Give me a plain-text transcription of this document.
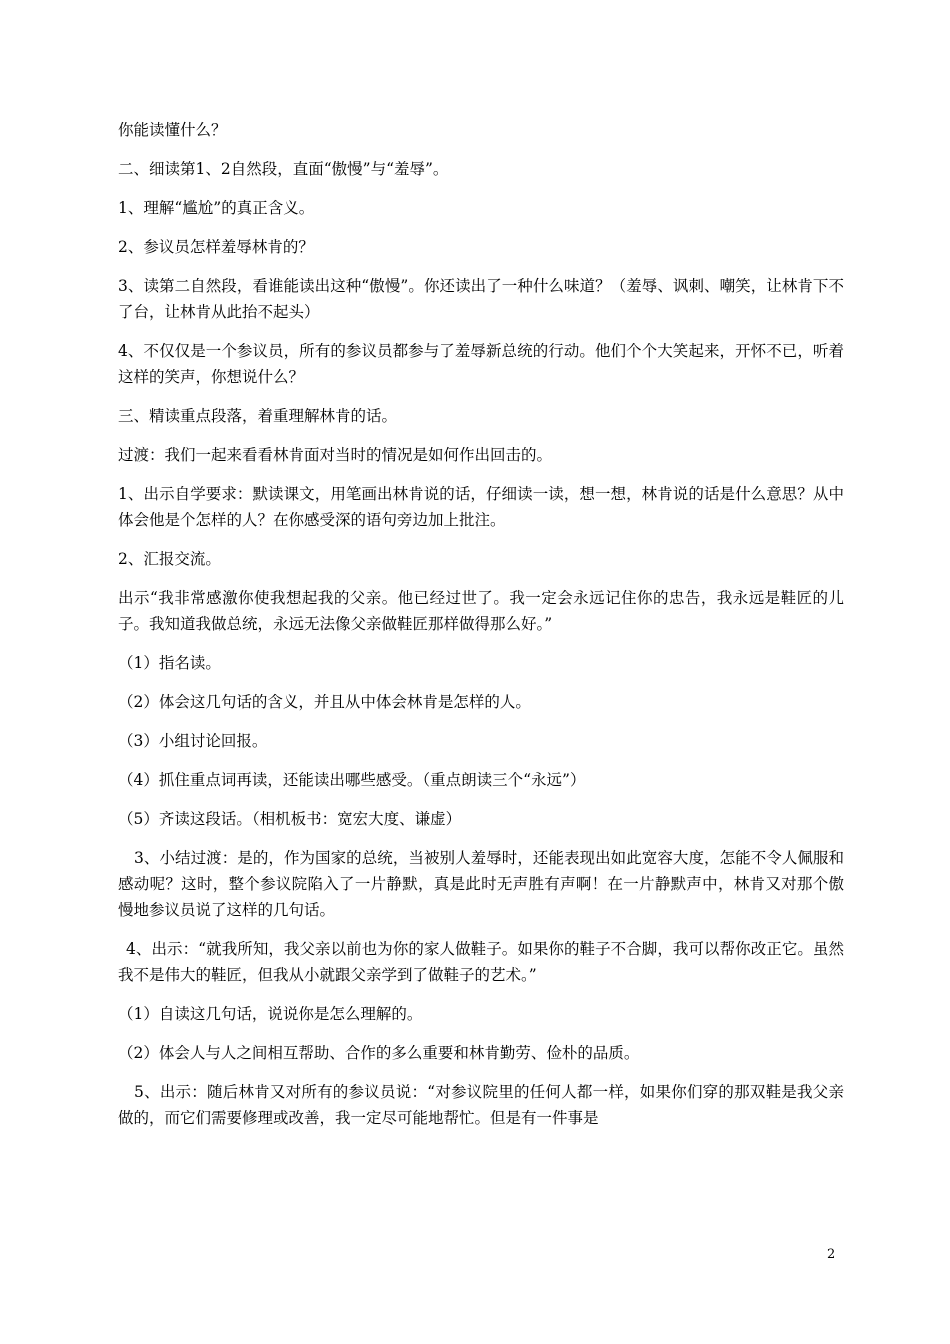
你能读懂什么？

二、细读第1、2自然段，直面“傲慢”与“羞辱”。

1、理解“尴尬”的真正含义。

2、参议员怎样羞辱林肯的？

3、读第二自然段，看谁能读出这种“傲慢”。你还读出了一种什么味道？（羞辱、讽刺、嘲笑，让林肯下不了台，让林肯从此抬不起头）

4、不仅仅是一个参议员，所有的参议员都参与了羞辱新总统的行动。他们个个大笑起来，开怀不已，听着这样的笑声，你想说什么？

三、精读重点段落，着重理解林肯的话。

过渡：我们一起来看看林肯面对当时的情况是如何作出回击的。

1、出示自学要求：默读课文，用笔画出林肯说的话，仔细读一读，想一想，林肯说的话是什么意思？从中体会他是个怎样的人？在你感受深的语句旁边加上批注。

2、汇报交流。

出示“我非常感激你使我想起我的父亲。他已经过世了。我一定会永远记住你的忠告，我永远是鞋匠的儿子。我知道我做总统，永远无法像父亲做鞋匠那样做得那么好。”

（1）指名读。

（2）体会这几句话的含义，并且从中体会林肯是怎样的人。

（3）小组讨论回报。

（4）抓住重点词再读，还能读出哪些感受。（重点朗读三个“永远”）

（5）齐读这段话。（相机板书：宽宏大度、谦虚）

3、小结过渡：是的，作为国家的总统，当被别人羞辱时，还能表现出如此宽容大度，怎能不令人佩服和感动呢？这时，整个参议院陷入了一片静默，真是此时无声胜有声啊！在一片静默声中，林肯又对那个傲慢地参议员说了这样的几句话。

4、出示：“就我所知，我父亲以前也为你的家人做鞋子。如果你的鞋子不合脚，我可以帮你改正它。虽然我不是伟大的鞋匠，但我从小就跟父亲学到了做鞋子的艺术。”

（1）自读这几句话，说说你是怎么理解的。

（2）体会人与人之间相互帮助、合作的多么重要和林肯勤劳、俭朴的品质。

5、出示：随后林肯又对所有的参议员说：“对参议院里的任何人都一样，如果你们穿的那双鞋是我父亲做的，而它们需要修理或改善，我一定尽可能地帮忙。但是有一件事是

2
